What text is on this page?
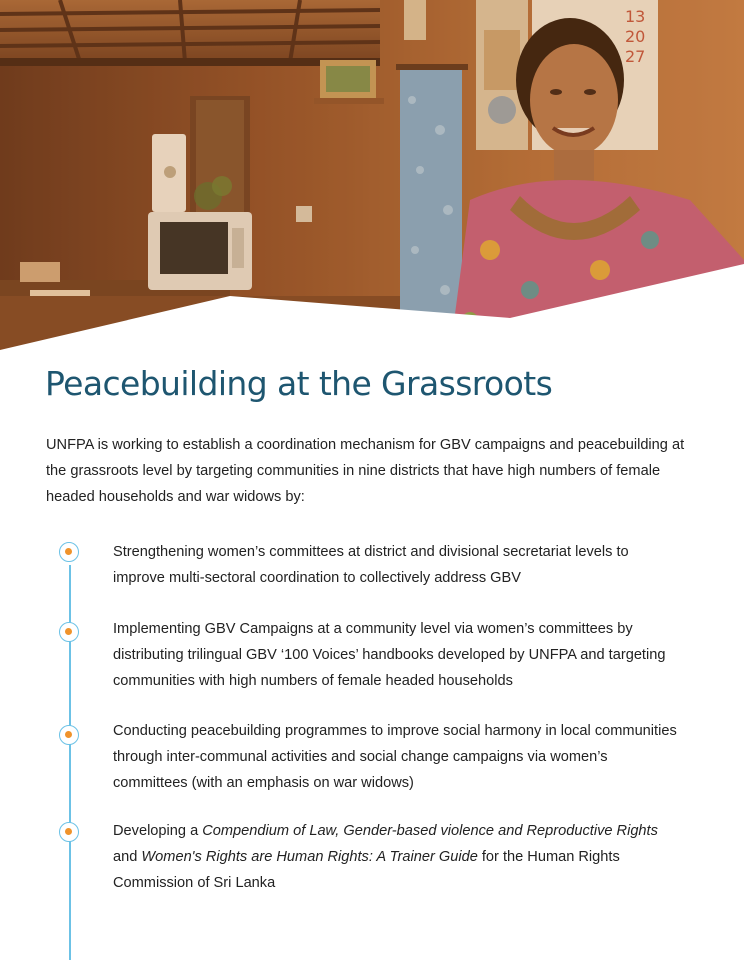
13
20
27
Peacebuilding at the Grassroots

UNFPA is working to establish a coordination mechanism for GBV campaigns and peacebuilding at the grassroots level by targeting communities in nine districts that have high numbers of female headed households and war widows by:

Strengthening women’s committees at district and divisional secretariat levels to improve multi-sectoral coordination to collectively address GBV

Implementing GBV Campaigns at a community level via women’s committees by distributing trilingual GBV ‘100 Voices’ handbooks developed by UNFPA and targeting communities with high numbers of female headed households

Conducting peacebuilding programmes to improve social harmony in local communities through inter-communal activities and social change campaigns via women’s committees (with an emphasis on war widows)

Developing a Compendium of Law, Gender-based violence and Reproductive Rights and Women's Rights are Human Rights: A Trainer Guide for the Human Rights Commission of Sri Lanka
